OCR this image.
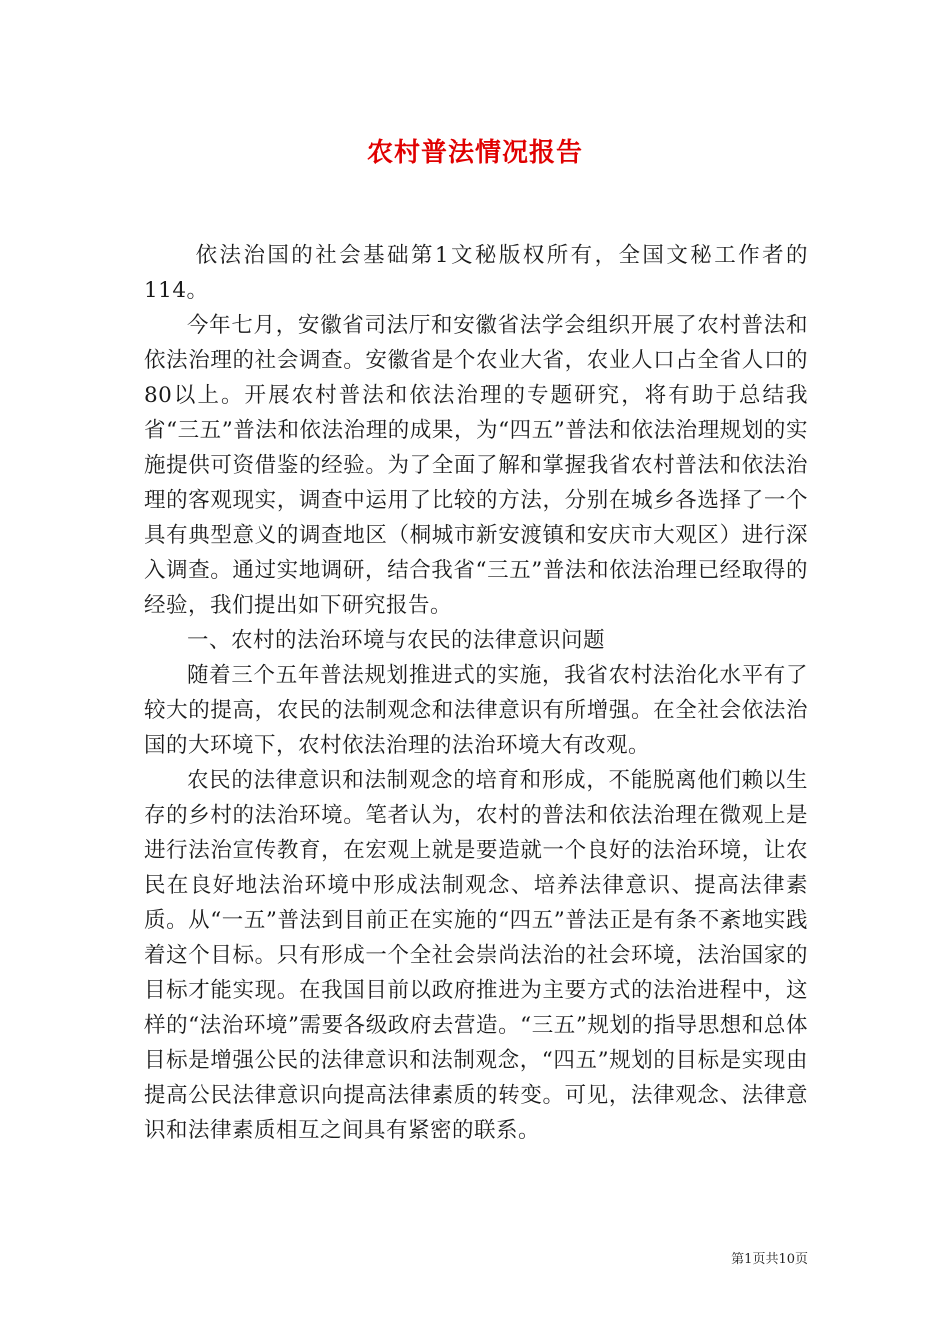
农村普法情况报告

依法治国的社会基础第1文秘版权所有，全国文秘工作者的114。

今年七月，安徽省司法厅和安徽省法学会组织开展了农村普法和依法治理的社会调查。安徽省是个农业大省，农业人口占全省人口的80以上。开展农村普法和依法治理的专题研究，将有助于总结我省“三五”普法和依法治理的成果，为“四五”普法和依法治理规划的实施提供可资借鉴的经验。为了全面了解和掌握我省农村普法和依法治理的客观现实，调查中运用了比较的方法，分别在城乡各选择了一个具有典型意义的调查地区（桐城市新安渡镇和安庆市大观区）进行深入调查。通过实地调研，结合我省“三五”普法和依法治理已经取得的经验，我们提出如下研究报告。

一、农村的法治环境与农民的法律意识问题

随着三个五年普法规划推进式的实施，我省农村法治化水平有了较大的提高，农民的法制观念和法律意识有所增强。在全社会依法治国的大环境下，农村依法治理的法治环境大有改观。

农民的法律意识和法制观念的培育和形成，不能脱离他们赖以生存的乡村的法治环境。笔者认为，农村的普法和依法治理在微观上是进行法治宣传教育，在宏观上就是要造就一个良好的法治环境，让农民在良好地法治环境中形成法制观念、培养法律意识、提高法律素质。从“一五”普法到目前正在实施的“四五”普法正是有条不紊地实践着这个目标。只有形成一个全社会崇尚法治的社会环境，法治国家的目标才能实现。在我国目前以政府推进为主要方式的法治进程中，这样的“法治环境”需要各级政府去营造。“三五”规划的指导思想和总体目标是增强公民的法律意识和法制观念，“四五”规划的目标是实现由提高公民法律意识向提高法律素质的转变。可见，法律观念、法律意识和法律素质相互之间具有紧密的联系。

第1页共10页
